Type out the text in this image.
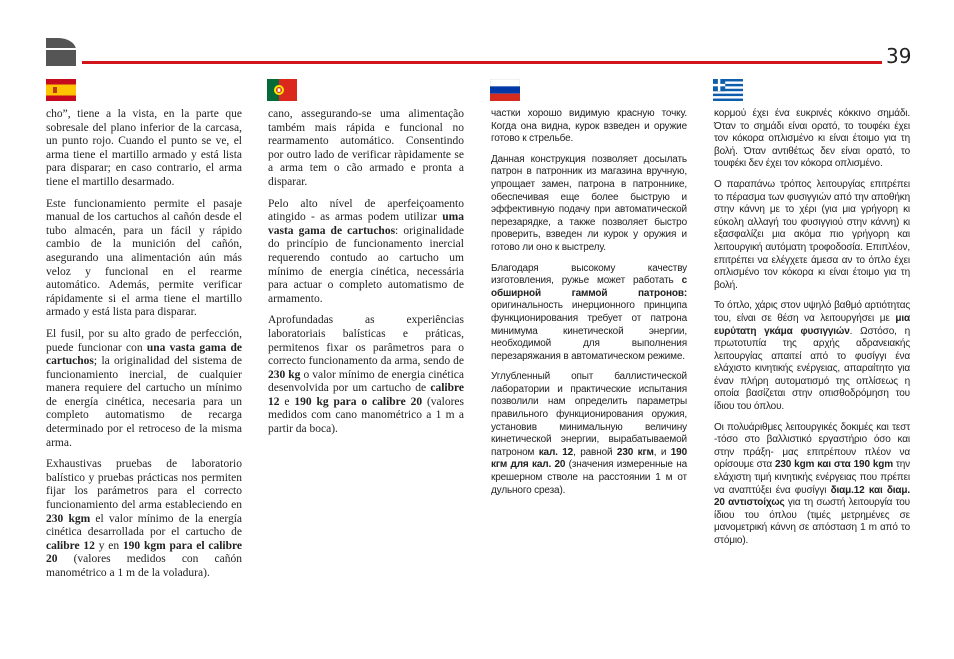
39

cho”, tiene a la vista, en la parte que sobresale del plano inferior de la carcasa, un punto rojo. Cuando el punto se ve, el arma tiene el martillo armado y está lista para disparar; en caso contrario, el arma tiene el martillo desarmado.

Este funcionamiento permite el pasaje manual de los cartuchos al cañón desde el tubo almacén, para un fácil y rápido cambio de la munición del cañón, asegurando una alimentación aún más veloz y funcional en el rearme automático. Además, permite verificar rápidamente si el arma tiene el martillo armado y está lista para disparar.

El fusil, por su alto grado de perfección, puede funcionar con una vasta gama de cartuchos; la originalidad del sistema de funcionamiento inercial, de cualquier manera requiere del cartucho un mínimo de energía cinética, necesaria para un completo automatismo de recarga determinado por el retroceso de la misma arma.

Exhaustivas pruebas de laboratorio balístico y pruebas prácticas nos permiten fijar los parámetros para el correcto funcionamiento del arma estableciendo en 230 kgm el valor mínimo de la energía cinética desarrollada por el cartucho de calibre 12 y en 190 kgm para el calibre 20 (valores medidos con cañón manométrico a 1 m de la voladura).

cano, assegurando-se uma alimentação também mais rápida e funcional no rearmamento automático. Consentindo por outro lado de verificar ràpidamente se a arma tem o cão armado e pronta a disparar.

Pelo alto nível de aperfeiçoamento atingido - as armas podem utilizar uma vasta gama de cartuchos: originalidade do princípio de funcionamento inercial requerendo contudo ao cartucho um mínimo de energia cinética, necessária para actuar o completo automatismo de armamento.

Aprofundadas as experiências laboratoriais balísticas e práticas, permitenos fixar os parâmetros para o correcto funcionamento da arma, sendo de 230 kg o valor mínimo de energia cinética desenvolvida por um cartucho de calibre 12 e 190 kg para o calibre 20 (valores medidos com cano manométrico a 1 m a partir da boca).

частки хорошо видимую красную точку. Когда она видна, курок взведен и оружие готово к стрельбе.

Данная конструкция позволяет досылать патрон в патронник из магазина вручную, упрощает замен, патрона в патроннике, обеспечивая еще более быструю и эффективную подачу при автоматической перезарядке, а также позволяет быстро проверить, взведен ли курок у оружия и готово ли оно к выстрелу.

Благодаря высокому качеству изготовления, ружье может работать с обширной гаммой патронов: оригинальность инерционного принципа функционирования требует от патрона минимума кинетической энергии, необходимой для выполнения перезаряжания в автоматическом режиме.

Углубленный опыт баллистической лаборатории и практические испытания позволили нам определить параметры правильного функционирования оружия, установив минимальную величину кинетической энергии, вырабатываемой патроном кал. 12, равной 230 кгм, и 190 кгм для кал. 20 (значения измеренные на крешерном стволе на расстоянии 1 м от дульного среза).

κορμού έχει ένα ευκρινές κόκκινο σημάδι. Όταν το σημάδι είναι ορατό, το τουφέκι έχει τον κόκορα οπλισμένο κι είναι έτοιμο για τη βολή. Όταν αντιθέτως δεν είναι ορατό, το τουφέκι δεν έχει τον κόκορα οπλισμένο.

Ο παραπάνω τρόπος λειτουργίας επιτρέπει το πέρασμα των φυσιγγιών από την αποθήκη στην κάννη με το χέρι (για μια γρήγορη κι εύκολη αλλαγή του φυσιγγιού στην κάννη) κι εξασφαλίζει μια ακόμα πιο γρήγορη και λειτουργική αυτόματη τροφοδοσία. Επιπλέον, επιτρέπει να ελέγχετε άμεσα αν το όπλο έχει οπλισμένο τον κόκορα κι είναι έτοιμο για τη βολή.

Το όπλο, χάρις στον υψηλό βαθμό αρτιότητας του, είναι σε θέση να λειτουργήσει με μια ευρύτατη γκάμα φυσιγγιών. Ωστόσο, η πρωτοτυπία της αρχής αδρανειακής λειτουργίας απαιτεί από το φυσίγγι ένα ελάχιστο κινητικής ενέργειας, απαραίτητο για έναν πλήρη αυτοματισμό της οπλίσεως η οποία βασίζεται στην οπισθοδρόμηση του ίδιου του όπλου.

Οι πολυάριθμες λειτουργικές δοκιμές και τεστ -τόσο στο βαλλιστικό εργαστήριο όσο και στην πράξη- μας επιτρέπουν πλέον να ορίσουμε στα 230 kgm και στα 190 kgm την ελάχιστη τιμή κινητικής ενέργειας που πρέπει να αναπτύξει ένα φυσίγγι διαμ.12 και διαμ. 20 αντιστοίχως για τη σωστή λειτουργία του ίδιου του όπλου (τιμές μετρημένες σε μανομετρική κάννη σε απόσταση 1 m από το στόμιο).
